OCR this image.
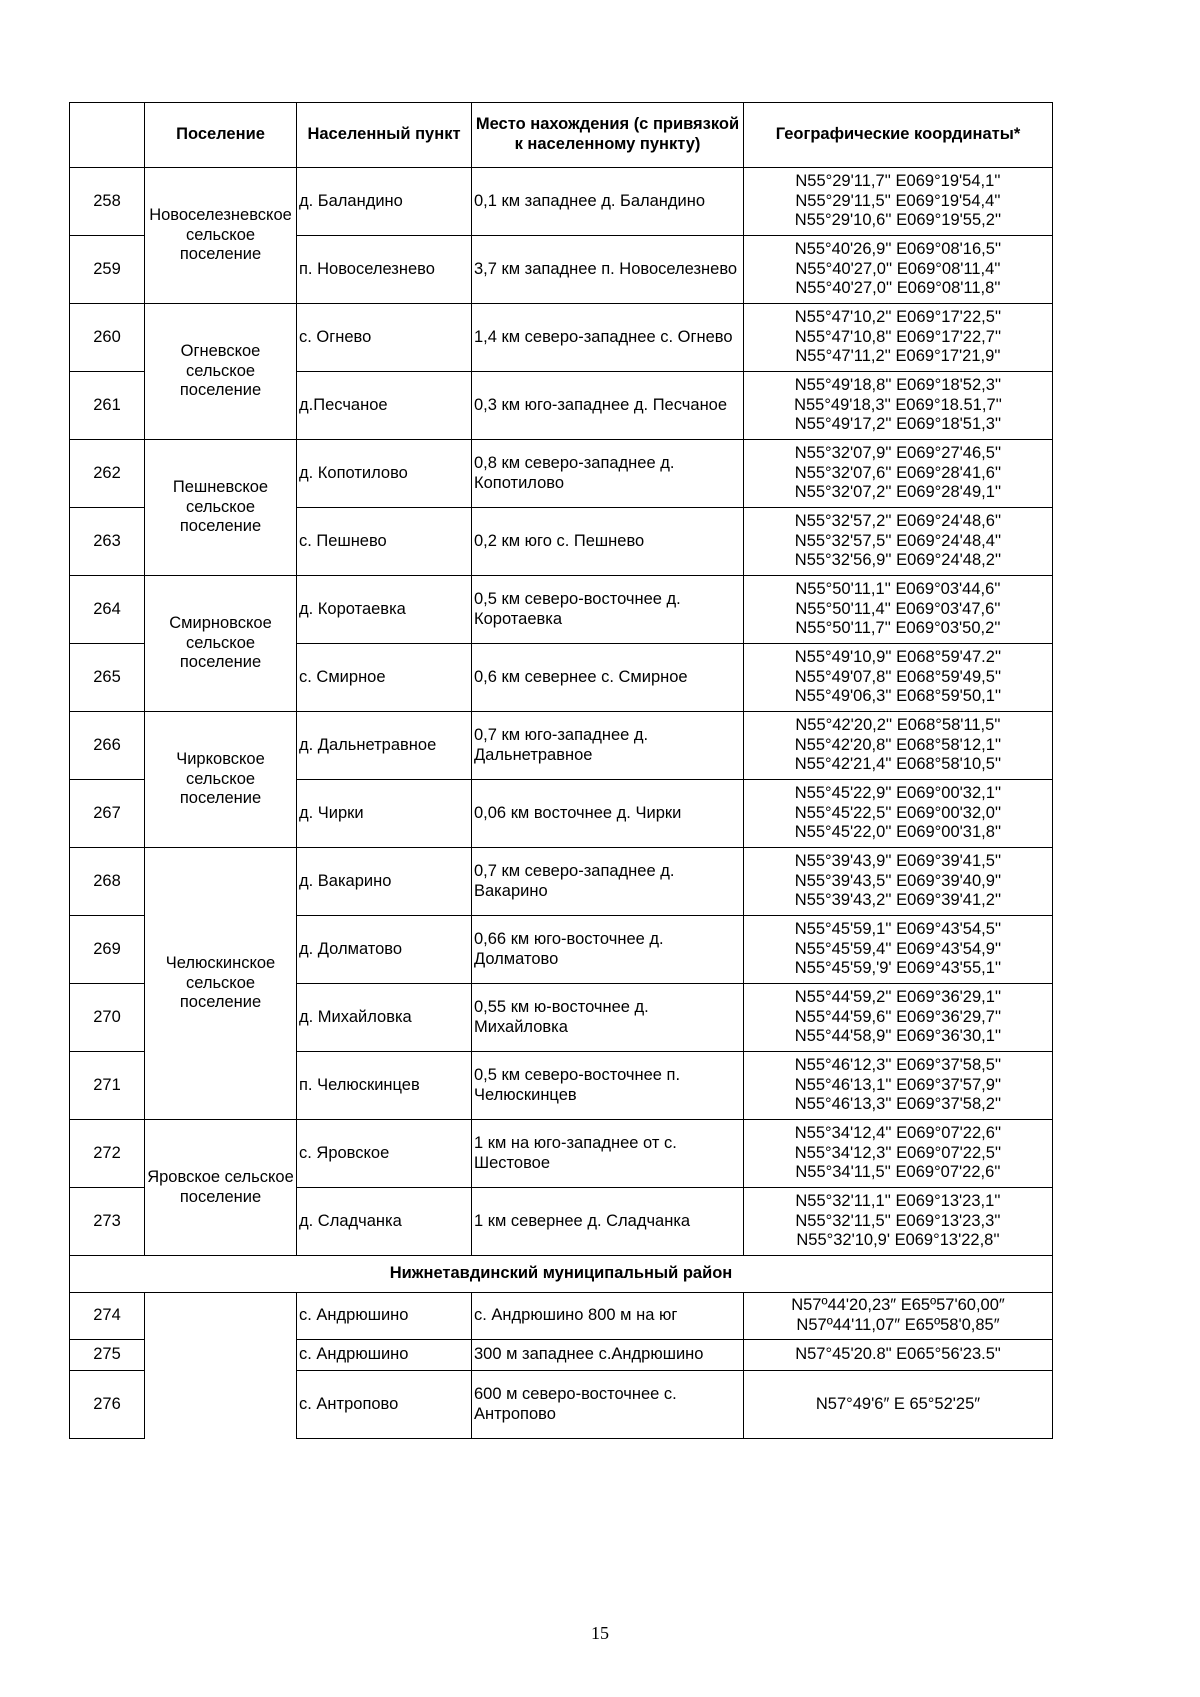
	Поселение	Населенный пункт	Место нахождения (с привязкой к населенному пункту)	Географические координаты*
258	Новоселезневское сельское поселение	д. Баландино	0,1 км западнее д. Баландино	N55°29'11,7'' E069°19'54,1''
N55°29'11,5'' E069°19'54,4''
N55°29'10,6'' E069°19'55,2''

259		п. Новоселезнево	3,7 км западнее п. Новоселезнево	N55°40'26,9'' E069°08'16,5''
N55°40'27,0'' E069°08'11,4''
N55°40'27,0'' E069°08'11,8''

260	Огневское сельское поселение	с. Огнево	1,4 км северо-западнее с. Огнево	N55°47'10,2'' E069°17'22,5''
N55°47'10,8'' E069°17'22,7''
N55°47'11,2'' E069°17'21,9''

261		д.Песчаное	0,3 км юго-западнее д. Песчаное	N55°49'18,8'' E069°18'52,3''
N55°49'18,3'' E069°18.51,7''
N55°49'17,2'' E069°18'51,3''

262	Пешневское сельское поселение	д. Копотилово	0,8 км северо-западнее д. Копотилово	N55°32'07,9'' E069°27'46,5''
N55°32'07,6'' E069°28'41,6''
N55°32'07,2'' E069°28'49,1''

263		с. Пешнево	0,2 км юго с. Пешнево	N55°32'57,2'' E069°24'48,6''
N55°32'57,5'' E069°24'48,4''
N55°32'56,9'' E069°24'48,2''

264	Смирновское сельское поселение	д. Коротаевка	0,5 км северо-восточнее д. Коротаевка	N55°50'11,1'' E069°03'44,6''
N55°50'11,4'' E069°03'47,6''
N55°50'11,7'' E069°03'50,2''

265		с. Смирное	0,6 км севернее с. Смирное	N55°49'10,9'' E068°59'47.2''
N55°49'07,8'' E068°59'49,5''
N55°49'06,3'' E068°59'50,1''

266	Чирковское сельское поселение	д. Дальнетравное	0,7 км юго-западнее д. Дальнетравное	N55°42'20,2'' E068°58'11,5''
N55°42'20,8'' E068°58'12,1''
N55°42'21,4'' E068°58'10,5''

267		д. Чирки	0,06 км восточнее д. Чирки	N55°45'22,9'' E069°00'32,1''
N55°45'22,5'' E069°00'32,0''
N55°45'22,0'' E069°00'31,8''

268	Челюскинское сельское поселение	д. Вакарино	0,7 км северо-западнее д. Вакарино	N55°39'43,9'' E069°39'41,5''
N55°39'43,5'' E069°39'40,9''
N55°39'43,2'' E069°39'41,2''

269		д. Долматово	0,66 км юго-восточнее д. Долматово	N55°45'59,1'' E069°43'54,5''
N55°45'59,4'' E069°43'54,9''
N55°45'59,'9' E069°43'55,1''

270		д. Михайловка	0,55 км ю-восточнее д. Михайловка	N55°44'59,2'' E069°36'29,1''
N55°44'59,6'' E069°36'29,7''
N55°44'58,9'' E069°36'30,1''

271		п. Челюскинцев	0,5 км северо-восточнее п. Челюскинцев	N55°46'12,3'' E069°37'58,5''
N55°46'13,1'' E069°37'57,9''
N55°46'13,3'' E069°37'58,2''

272	Яровское сельское поселение	с. Яровское	1 км на юго-западнее от с. Шестовое	N55°34'12,4'' E069°07'22,6''
N55°34'12,3'' E069°07'22,5''
N55°34'11,5'' E069°07'22,6''

273		д. Сладчанка	1 км севернее д. Сладчанка	N55°32'11,1'' E069°13'23,1''
N55°32'11,5'' E069°13'23,3''
N55°32'10,9' E069°13'22,8''

Нижнетавдинский муниципальный район				
274		с. Андрюшино	с. Андрюшино 800 м на юг	N57º44'20,23″ E65º57'60,00″
N57º44'11,07″ E65º58'0,85″

275		с. Андрюшино	300 м западнее с.Андрюшино	N57°45'20.8" E065°56'23.5"

276		с. Антропово	600 м северо-восточнее с. Антропово	N57°49'6″ E 65°52'25″
15
